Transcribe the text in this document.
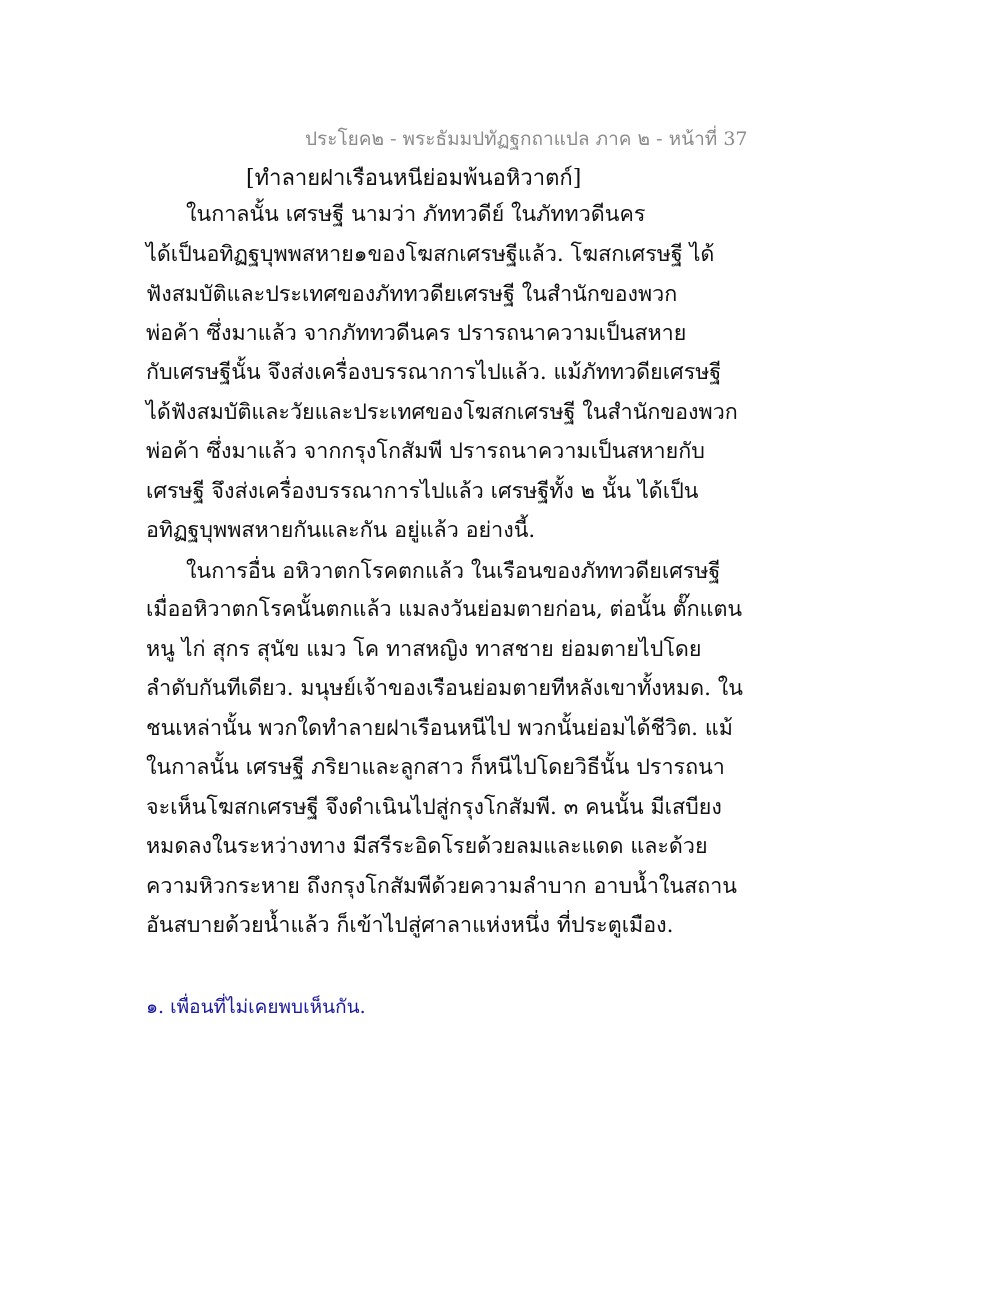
ประโยค๒ - พระธัมมปทัฏฐกถาแปล ภาค ๒ - หน้าที่ 37
[ทำลายฝาเรือนหนีย่อมพ้นอหิวาตก์]
ในกาลนั้น เศรษฐี นามว่า ภัททวดีย์ ในภัททวดีนคร
ได้เป็นอทิฏฐบุพพสหาย๑ของโฆสกเศรษฐีแล้ว. โฆสกเศรษฐี ได้
ฟังสมบัติและประเทศของภัททวดียเศรษฐี ในสำนักของพวก
พ่อค้า ซึ่งมาแล้ว จากภัททวดีนคร ปรารถนาความเป็นสหาย
กับเศรษฐีนั้น จึงส่งเครื่องบรรณาการไปแล้ว. แม้ภัททวดียเศรษฐี
ได้ฟังสมบัติและวัยและประเทศของโฆสกเศรษฐี ในสำนักของพวก
พ่อค้า ซึ่งมาแล้ว จากกรุงโกสัมพี ปรารถนาความเป็นสหายกับ
เศรษฐี จึงส่งเครื่องบรรณาการไปแล้ว เศรษฐีทั้ง ๒ นั้น ได้เป็น
อทิฏฐบุพพสหายกันและกัน อยู่แล้ว อย่างนี้.
ในการอื่น อหิวาตกโรคตกแล้ว ในเรือนของภัททวดียเศรษฐี
เมื่ออหิวาตกโรคนั้นตกแล้ว แมลงวันย่อมตายก่อน, ต่อนั้น ตั๊กแตน
หนู ไก่ สุกร สุนัข แมว โค ทาสหญิง ทาสชาย ย่อมตายไปโดย
ลำดับกันทีเดียว. มนุษย์เจ้าของเรือนย่อมตายทีหลังเขาทั้งหมด. ใน
ชนเหล่านั้น พวกใดทำลายฝาเรือนหนีไป พวกนั้นย่อมได้ชีวิต. แม้
ในกาลนั้น เศรษฐี ภริยาและลูกสาว ก็หนีไปโดยวิธีนั้น ปรารถนา
จะเห็นโฆสกเศรษฐี จึงดำเนินไปสู่กรุงโกสัมพี. ๓ คนนั้น มีเสบียง
หมดลงในระหว่างทาง มีสรีระอิดโรยด้วยลมและแดด และด้วย
ความหิวกระหาย ถึงกรุงโกสัมพีด้วยความลำบาก อาบน้ำในสถาน
อันสบายด้วยน้ำแล้ว ก็เข้าไปสู่ศาลาแห่งหนึ่ง ที่ประตูเมือง.
๑. เพื่อนที่ไม่เคยพบเห็นกัน.
